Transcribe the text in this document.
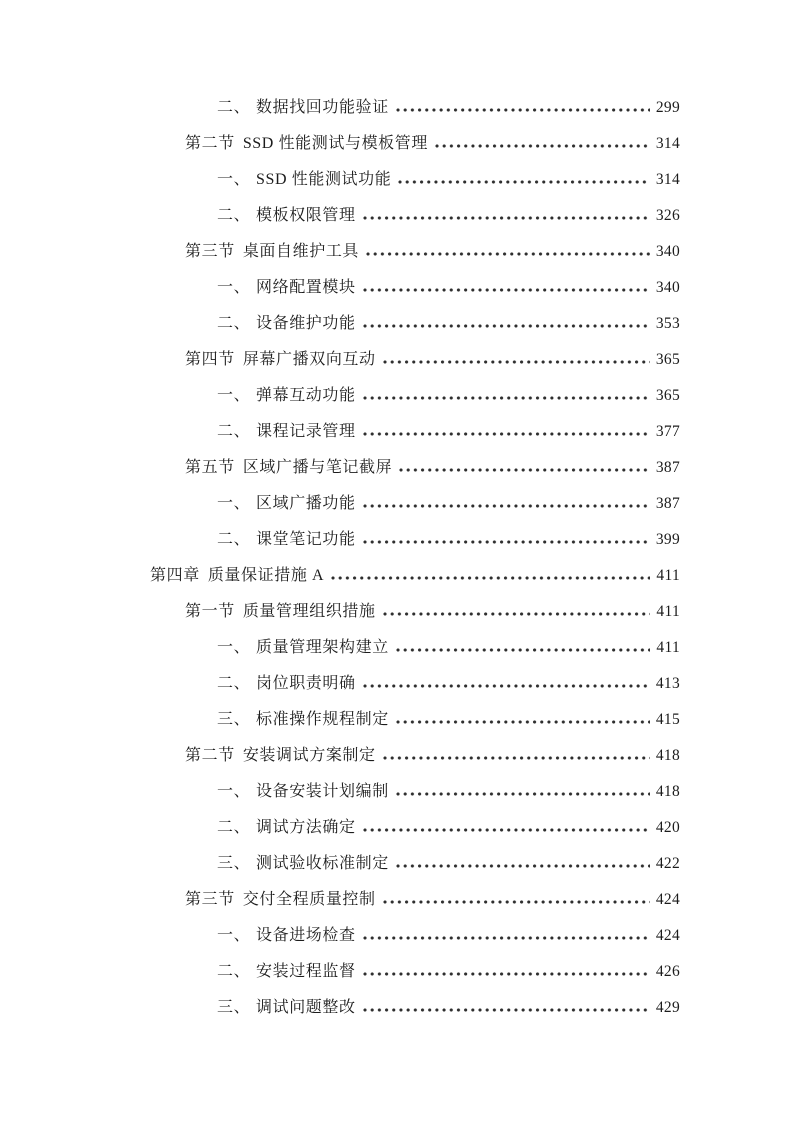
二、 数据找回功能验证	299
第二节 SSD 性能测试与模板管理	314
一、 SSD 性能测试功能	314
二、 模板权限管理	326
第三节 桌面自维护工具	340
一、 网络配置模块	340
二、 设备维护功能	353
第四节 屏幕广播双向互动	365
一、 弹幕互动功能	365
二、 课程记录管理	377
第五节 区域广播与笔记截屏	387
一、 区域广播功能	387
二、 课堂笔记功能	399
第四章 质量保证措施 A	411
第一节 质量管理组织措施	411
一、 质量管理架构建立	411
二、 岗位职责明确	413
三、 标准操作规程制定	415
第二节 安装调试方案制定	418
一、 设备安装计划编制	418
二、 调试方法确定	420
三、 测试验收标准制定	422
第三节 交付全程质量控制	424
一、 设备进场检查	424
二、 安装过程监督	426
三、 调试问题整改	429
